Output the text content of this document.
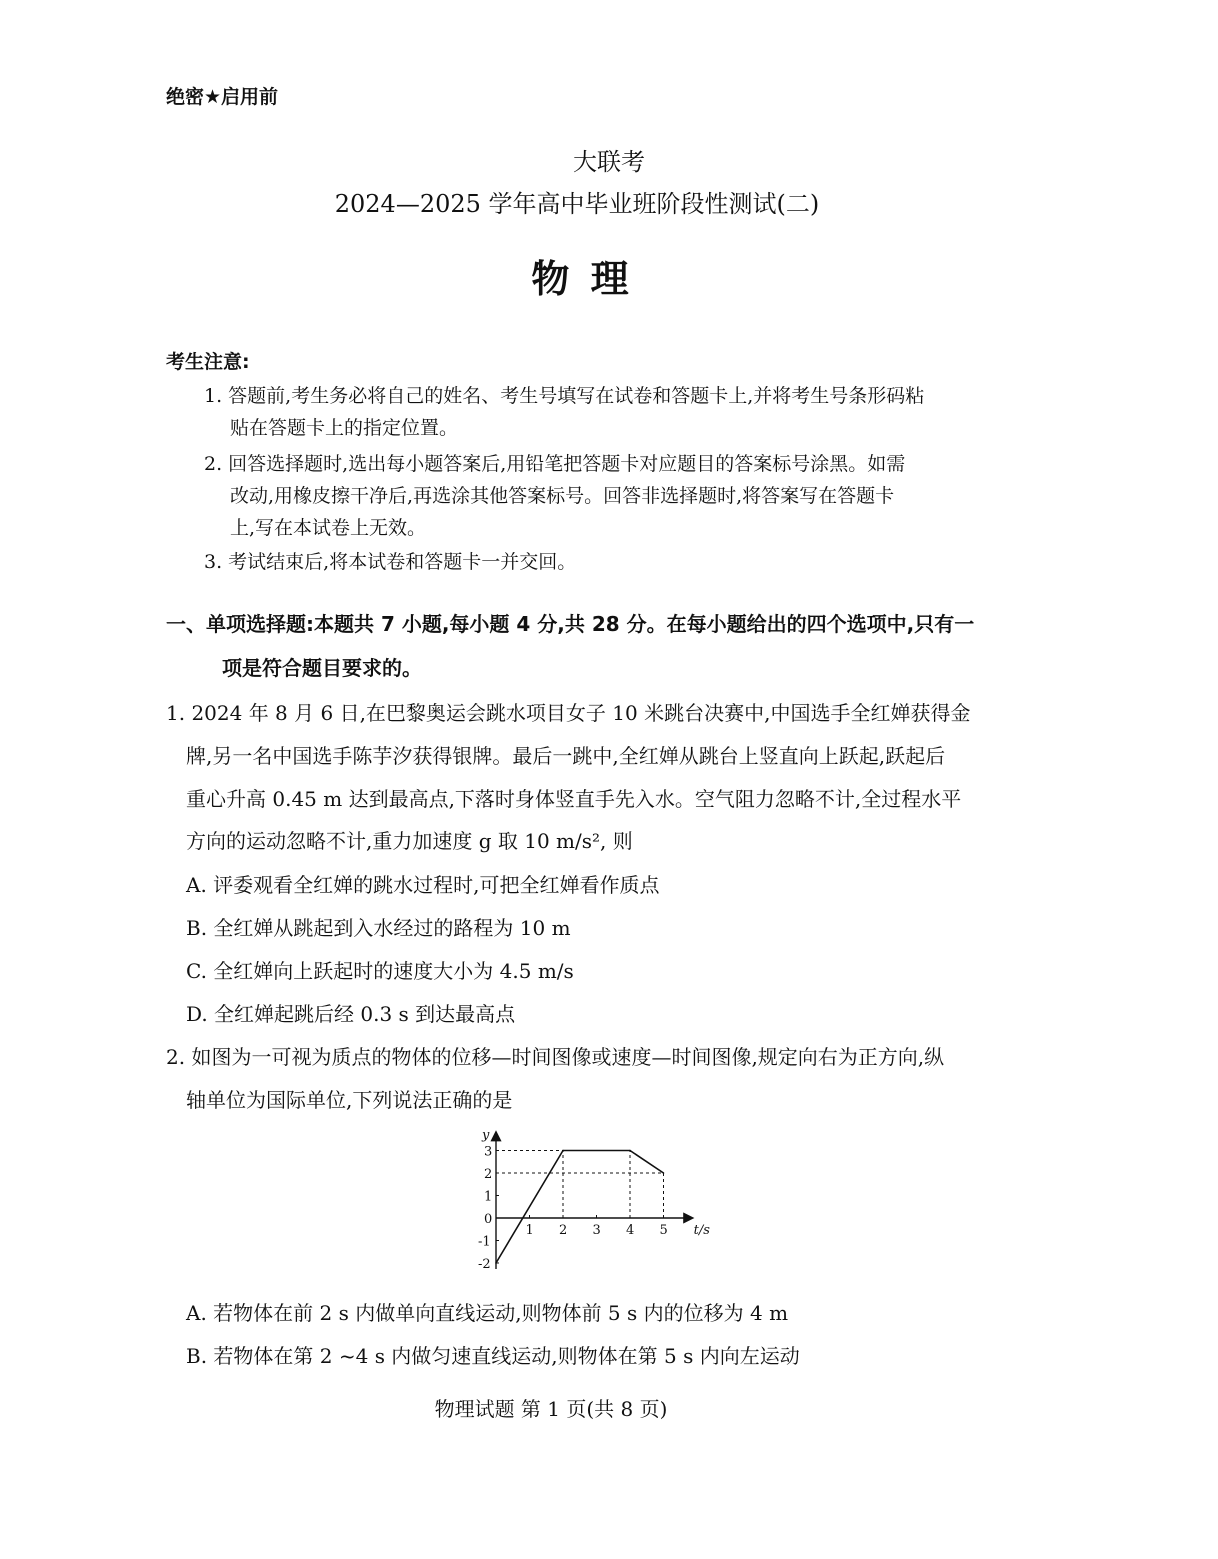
绝密★启用前
大联考
2024—2025 学年高中毕业班阶段性测试(二)
物 理
考生注意:
1. 答题前,考生务必将自己的姓名、考生号填写在试卷和答题卡上,并将考生号条形码粘
贴在答题卡上的指定位置。
2. 回答选择题时,选出每小题答案后,用铅笔把答题卡对应题目的答案标号涂黑。如需
改动,用橡皮擦干净后,再选涂其他答案标号。回答非选择题时,将答案写在答题卡
上,写在本试卷上无效。
3. 考试结束后,将本试卷和答题卡一并交回。
一、单项选择题:本题共 7 小题,每小题 4 分,共 28 分。在每小题给出的四个选项中,只有一
项是符合题目要求的。
1. 2024 年 8 月 6 日,在巴黎奥运会跳水项目女子 10 米跳台决赛中,中国选手全红婵获得金
牌,另一名中国选手陈芋汐获得银牌。最后一跳中,全红婵从跳台上竖直向上跃起,跃起后
重心升高 0.45 m 达到最高点,下落时身体竖直手先入水。空气阻力忽略不计,全过程水平
方向的运动忽略不计,重力加速度 g 取 10 m/s², 则
A. 评委观看全红婵的跳水过程时,可把全红婵看作质点
B. 全红婵从跳起到入水经过的路程为 10 m
C. 全红婵向上跃起时的速度大小为 4.5 m/s
D. 全红婵起跳后经 0.3 s 到达最高点
2. 如图为一可视为质点的物体的位移—时间图像或速度—时间图像,规定向右为正方向,纵
轴单位为国际单位,下列说法正确的是
y
t/s
1 2 3 4 5
3
2
1
0
-1
-2
A. 若物体在前 2 s 内做单向直线运动,则物体前 5 s 内的位移为 4 m
B. 若物体在第 2 ~4 s 内做匀速直线运动,则物体在第 5 s 内向左运动
物理试题 第 1 页(共 8 页)
